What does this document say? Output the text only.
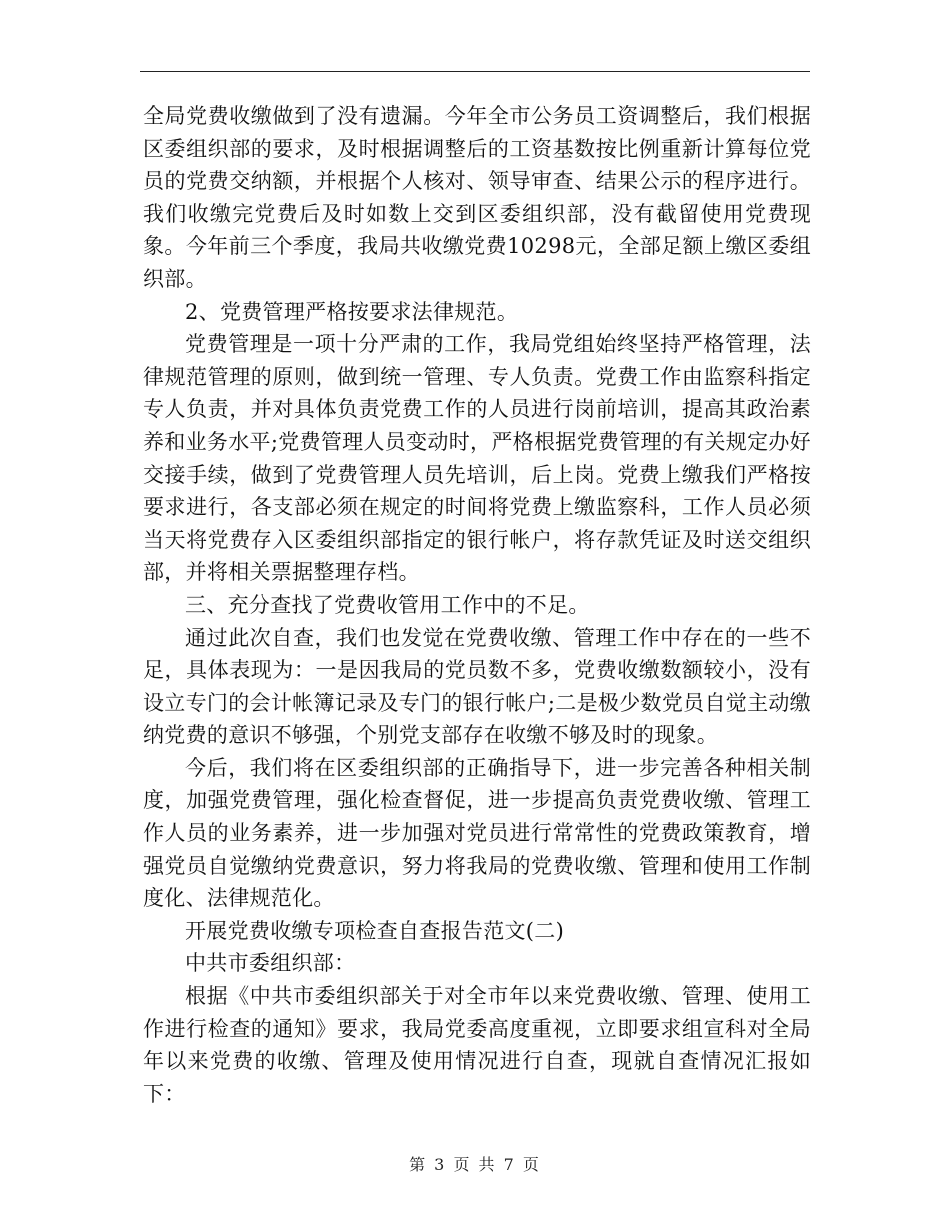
全局党费收缴做到了没有遗漏。今年全市公务员工资调整后，我们根据区委组织部的要求，及时根据调整后的工资基数按比例重新计算每位党员的党费交纳额，并根据个人核对、领导审查、结果公示的程序进行。我们收缴完党费后及时如数上交到区委组织部，没有截留使用党费现象。今年前三个季度，我局共收缴党费10298元，全部足额上缴区委组织部。

2、党费管理严格按要求法律规范。

党费管理是一项十分严肃的工作，我局党组始终坚持严格管理，法律规范管理的原则，做到统一管理、专人负责。党费工作由监察科指定专人负责，并对具体负责党费工作的人员进行岗前培训，提高其政治素养和业务水平;党费管理人员变动时，严格根据党费管理的有关规定办好交接手续，做到了党费管理人员先培训，后上岗。党费上缴我们严格按要求进行，各支部必须在规定的时间将党费上缴监察科，工作人员必须当天将党费存入区委组织部指定的银行帐户，将存款凭证及时送交组织部，并将相关票据整理存档。

三、充分查找了党费收管用工作中的不足。

通过此次自查，我们也发觉在党费收缴、管理工作中存在的一些不足，具体表现为：一是因我局的党员数不多，党费收缴数额较小，没有设立专门的会计帐簿记录及专门的银行帐户;二是极少数党员自觉主动缴纳党费的意识不够强，个别党支部存在收缴不够及时的现象。

今后，我们将在区委组织部的正确指导下，进一步完善各种相关制度，加强党费管理，强化检查督促，进一步提高负责党费收缴、管理工作人员的业务素养，进一步加强对党员进行常常性的党费政策教育，增强党员自觉缴纳党费意识，努力将我局的党费收缴、管理和使用工作制度化、法律规范化。

开展党费收缴专项检查自查报告范文(二)

中共市委组织部：

根据《中共市委组织部关于对全市年以来党费收缴、管理、使用工作进行检查的通知》要求，我局党委高度重视，立即要求组宣科对全局年以来党费的收缴、管理及使用情况进行自查，现就自查情况汇报如下：

第 3 页 共 7 页
